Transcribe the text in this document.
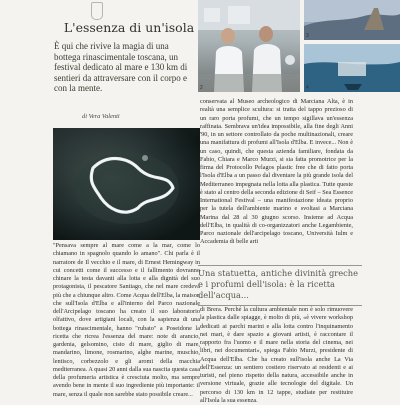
L'essenza di un'isola

È qui che rivive la magia di una bottega rinascimentale toscana, un festival dedicato al mare e 130 km di sentieri da attraversare con il corpo e con la mente.

di Vera Valenti
2
3
4

"Pensava sempre al mare come a la mar, come lo chiamano in spagnolo quando lo amano". Chi parla è il narratore de Il vecchio e il mare, di Ernest Hemingway in cui concetti come il successo e il fallimento dovranno chinare la testa davanti alla lotta e alla dignità del suo protagonista, il pescatore Santiago, che nel mare credeva più che a chiunque altro. Come Acqua dell'Elba, la maison che sull'Isola d'Elba e all'interno del Parco nazionale dell'Arcipelago toscano ha creato il suo laboratorio olfattivo, dove artigiani locali, con la sapienza di una bottega rinascimentale, hanno "rubato" a Poseidone la ricetta che ricrea l'essenza del mare: note di arancio, gardenia, gelsomino, cisto di mare, giglio di mare, mandarino, limone, rosmarino, alghe marine, muschio, lentisco, corbezzolo e gli aromi della macchia mediterranea. A quasi 20 anni dalla sua nascita questa casa della profumeria artistica è cresciuta molto, ma sempre avendo bene in mente il suo ingrediente più importante: il mare, senza il quale non sarebbe stato possibile creare...

conservata al Museo archeologico di Marciana Alta, è in realtà una semplice scultura: si tratta del tappo prezioso di un raro porta profumi, che un tempo sigillava un'essenza raffinata. Sembrava un'idea impossibile, alla fine degli Anni '90, in un settore controllato da poche multinazionali, creare una manifattura di profumi all'Isola d'Elba. E invece... Non è un caso, quindi, che questa azienda familiare, fondata da Fabio, Chiara e Marco Murzi, si sia fatta promotrice per la firma del Protocollo Pelagos plastic free che di fatto porta l'Isola d'Elba a un passo dal diventare la più grande isola del Mediterraneo impegnata nella lotta alla plastica. Tutte queste è stato al centro della seconda edizione di Seif – Sea Essence International Festival – una manifestazione ideata proprio per la tutela dell'ambiente marino e svoltasi a Marciana Marina dal 28 al 30 giugno scorso. Insieme ad Acqua dell'Elba, in qualità di co-organizzatori anche Legambiente, Parco nazionale dell'arcipelago toscano, Università Iulm e Accademia di belle arti

Una statuetta, antiche divinità greche e i profumi dell'isola: è la ricetta dell'acqua...

di Brera. Perché la cultura ambientale non è solo rimuovere la plastica dalle spiagge, è molto di più, «è vivere workshop dedicati ai parchi marini e alla lotta contro l'inquinamento nei mari, è dare spazio a giovani artisti, è raccontare il rapporto fra l'uomo e il mare nella storia del cinema, nei libri, nei documentari», spiega Fabio Murzi, presidente di Acqua dell'Elba. Che ha creato sull'isola anche La Via dell'Essenza: un sentiero costiero riservato ai residenti e ai turisti, nel pieno rispetto della natura, accessibile anche in versione virtuale, grazie alle tecnologie del digitale. Un percorso di 130 km in 12 tappe, studiate per restituire all'Isola la sua essenza.
